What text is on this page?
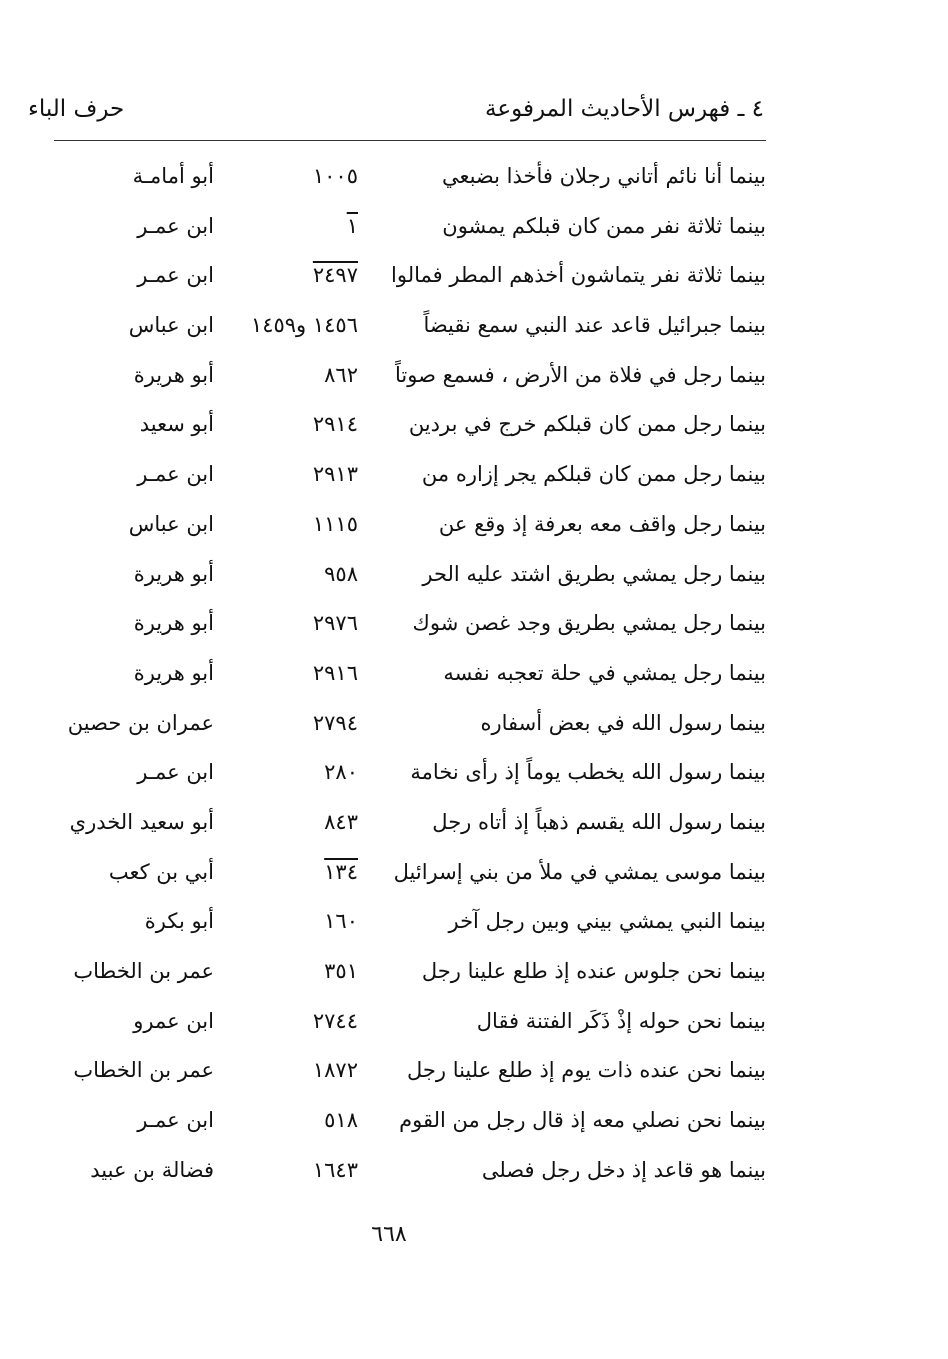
٤ ـ فهرس الأحاديث المرفوعة
حرف الباء
بينما أنا نائم أتاني رجلان فأخذا بضبعي
١٠٠٥
أبو أمامـة
بينما ثلاثة نفر ممن كان قبلكم يمشون
١
ابن عمـر
بينما ثلاثة نفر يتماشون أخذهم المطر فمالوا
٢٤٩٧
ابن عمـر
بينما جبرائيل قاعد عند النبي سمع نقيضاً
١٤٥٦ و١٤٥٩
ابن عباس
بينما رجل في فلاة من الأرض ، فسمع صوتاً
٨٦٢
أبو هريرة
بينما رجل ممن كان قبلكم خرج في بردين
٢٩١٤
أبو سعيد
بينما رجل ممن كان قبلكم يجر إزاره من
٢٩١٣
ابن عمـر
بينما رجل واقف معه بعرفة إذ وقع عن
١١١٥
ابن عباس
بينما رجل يمشي بطريق اشتد عليه الحر
٩٥٨
أبو هريرة
بينما رجل يمشي بطريق وجد غصن شوك
٢٩٧٦
أبو هريرة
بينما رجل يمشي في حلة تعجبه نفسه
٢٩١٦
أبو هريرة
بينما رسول الله في بعض أسفاره
٢٧٩٤
عمران بن حصين
بينما رسول الله يخطب يوماً إذ رأى نخامة
٢٨٠
ابن عمـر
بينما رسول الله يقسم ذهباً إذ أتاه رجل
٨٤٣
أبو سعيد الخدري
بينما موسى يمشي في ملأ من بني إسرائيل
١٣٤
أبي بن كعب
بينما النبي يمشي بيني وبين رجل آخر
١٦٠
أبو بكرة
بينما نحن جلوس عنده إذ طلع علينا رجل
٣٥١
عمر بن الخطاب
بينما نحن حوله إذْ ذَكَر الفتنة فقال
٢٧٤٤
ابن عمرو
بينما نحن عنده ذات يوم إذ طلع علينا رجل
١٨٧٢
عمر بن الخطاب
بينما نحن نصلي معه إذ قال رجل من القوم
٥١٨
ابن عمـر
بينما هو قاعد إذ دخل رجل فصلى
١٦٤٣
فضالة بن عبيد
٦٦٨
